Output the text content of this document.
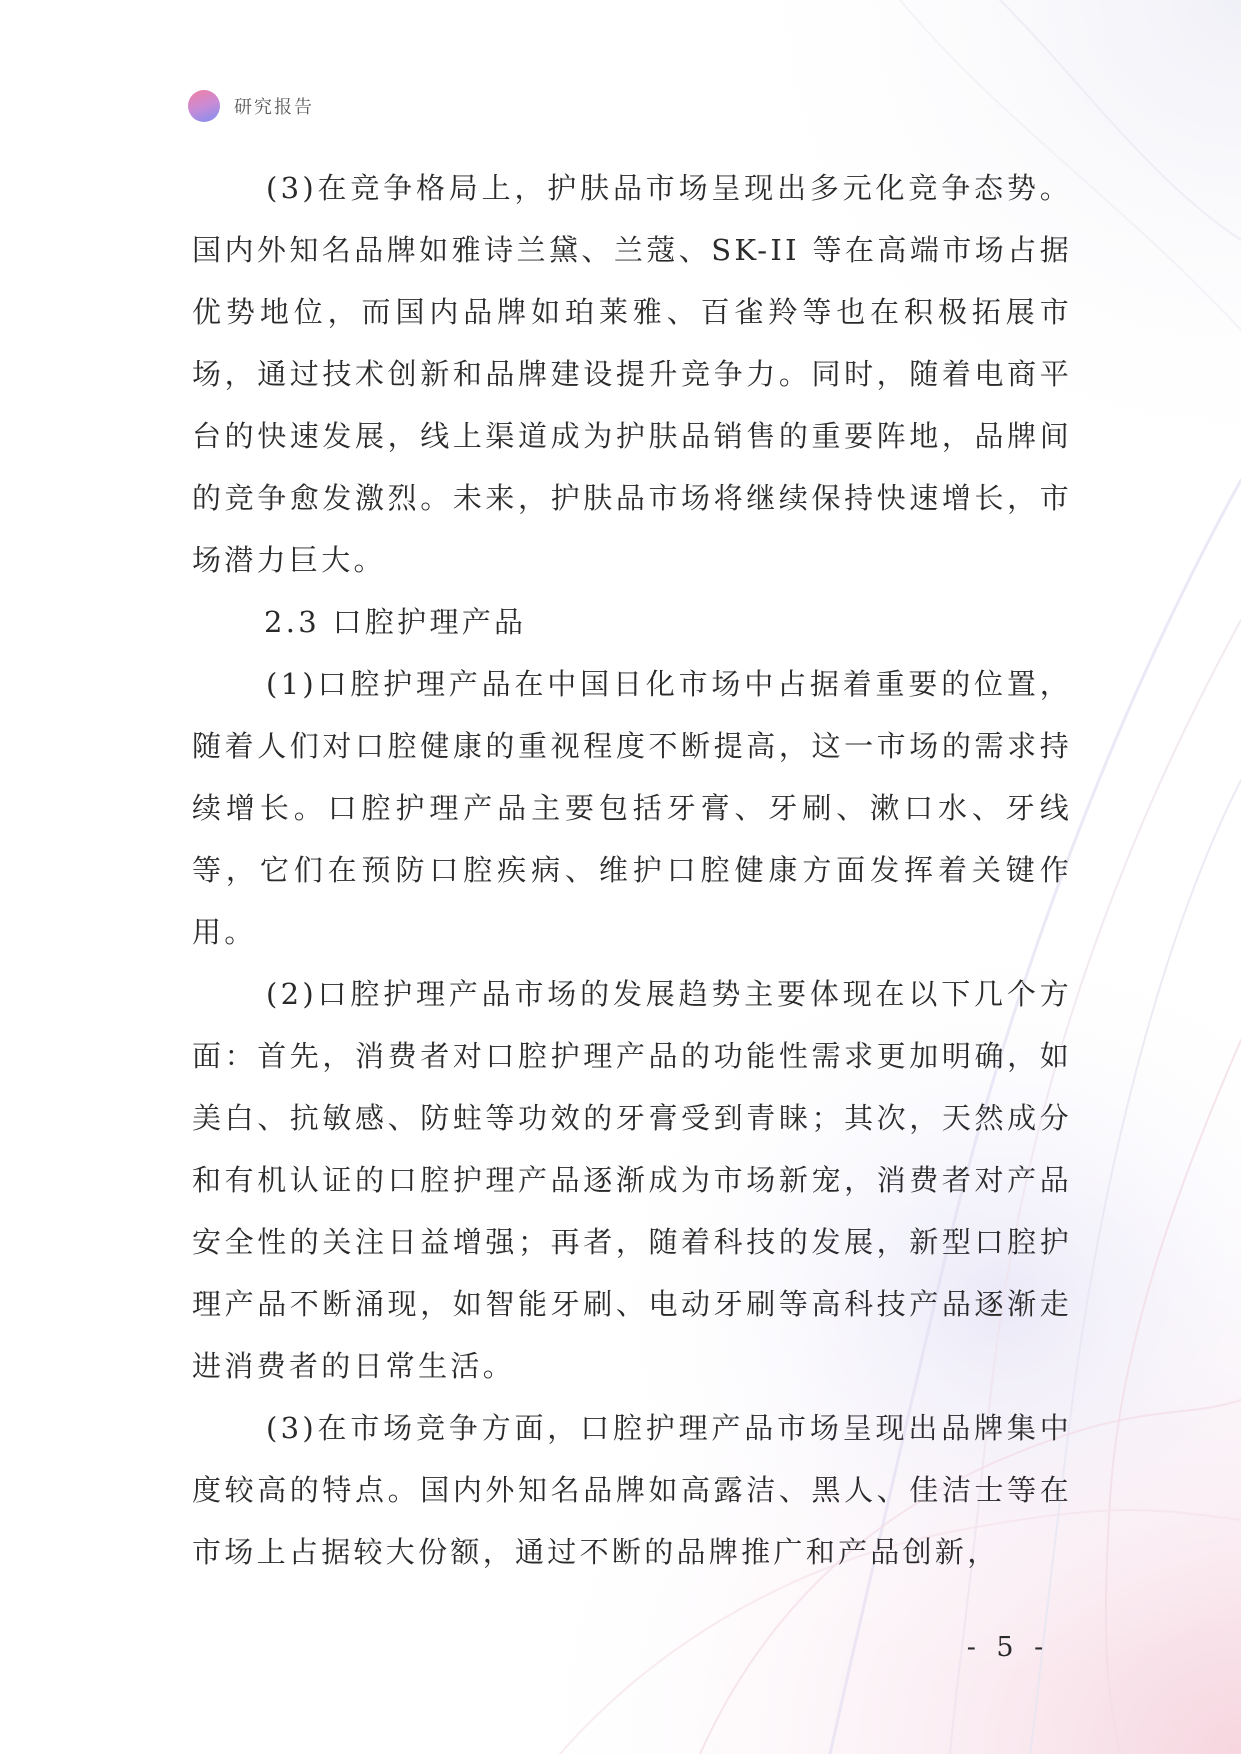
研究报告

(3)在竞争格局上，护肤品市场呈现出多元化竞争态势。国内外知名品牌如雅诗兰黛、兰蔻、SK-II 等在高端市场占据优势地位，而国内品牌如珀莱雅、百雀羚等也在积极拓展市场，通过技术创新和品牌建设提升竞争力。同时，随着电商平台的快速发展，线上渠道成为护肤品销售的重要阵地，品牌间的竞争愈发激烈。未来，护肤品市场将继续保持快速增长，市场潜力巨大。

2.3 口腔护理产品

(1)口腔护理产品在中国日化市场中占据着重要的位置，随着人们对口腔健康的重视程度不断提高，这一市场的需求持续增长。口腔护理产品主要包括牙膏、牙刷、漱口水、牙线等，它们在预防口腔疾病、维护口腔健康方面发挥着关键作用。

(2)口腔护理产品市场的发展趋势主要体现在以下几个方面：首先，消费者对口腔护理产品的功能性需求更加明确，如美白、抗敏感、防蛀等功效的牙膏受到青睐；其次，天然成分和有机认证的口腔护理产品逐渐成为市场新宠，消费者对产品安全性的关注日益增强；再者，随着科技的发展，新型口腔护理产品不断涌现，如智能牙刷、电动牙刷等高科技产品逐渐走进消费者的日常生活。

(3)在市场竞争方面，口腔护理产品市场呈现出品牌集中度较高的特点。国内外知名品牌如高露洁、黑人、佳洁士等在市场上占据较大份额，通过不断的品牌推广和产品创新，

- 5 -
